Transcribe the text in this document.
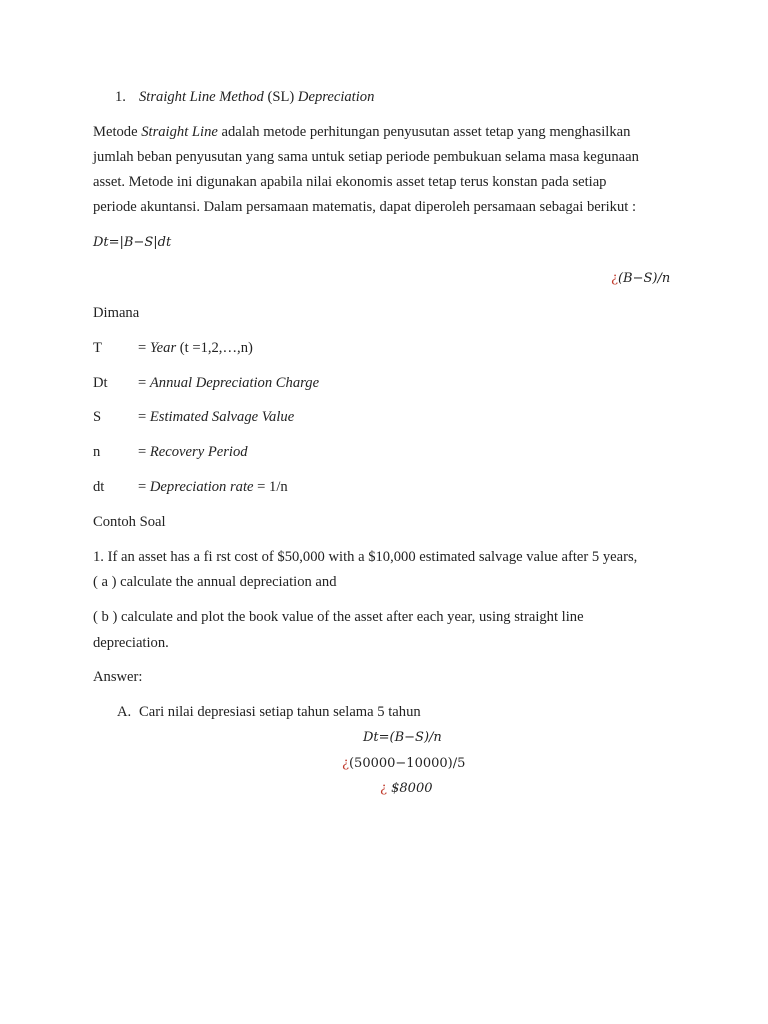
1. Straight Line Method (SL) Depreciation
Metode Straight Line adalah metode perhitungan penyusutan asset tetap yang menghasilkan
jumlah beban penyusutan yang sama untuk setiap periode pembukuan selama masa kegunaan
asset. Metode ini digunakan apabila nilai ekonomis asset tetap terus konstan pada setiap
periode akuntansi. Dalam persamaan matematis, dapat diperoleh persamaan sebagai berikut :
Dt=|B−S|dt
¿(B−S)/n
Dimana
T = Year (t =1,2,…,n)
Dt = Annual Depreciation Charge
S	= Estimated Salvage Value
n	= Recovery Period
dt = Depreciation rate = 1/n
Contoh Soal
1. If an asset has a fi rst cost of $50,000 with a $10,000 estimated salvage value after 5 years,
( a ) calculate the annual depreciation and
( b ) calculate and plot the book value of the asset after each year, using straight line
depreciation.
Answer:
A. Cari nilai depresiasi setiap tahun selama 5 tahun
Dt=(B−S)/n
¿(50000−10000)/5
¿ $8000
